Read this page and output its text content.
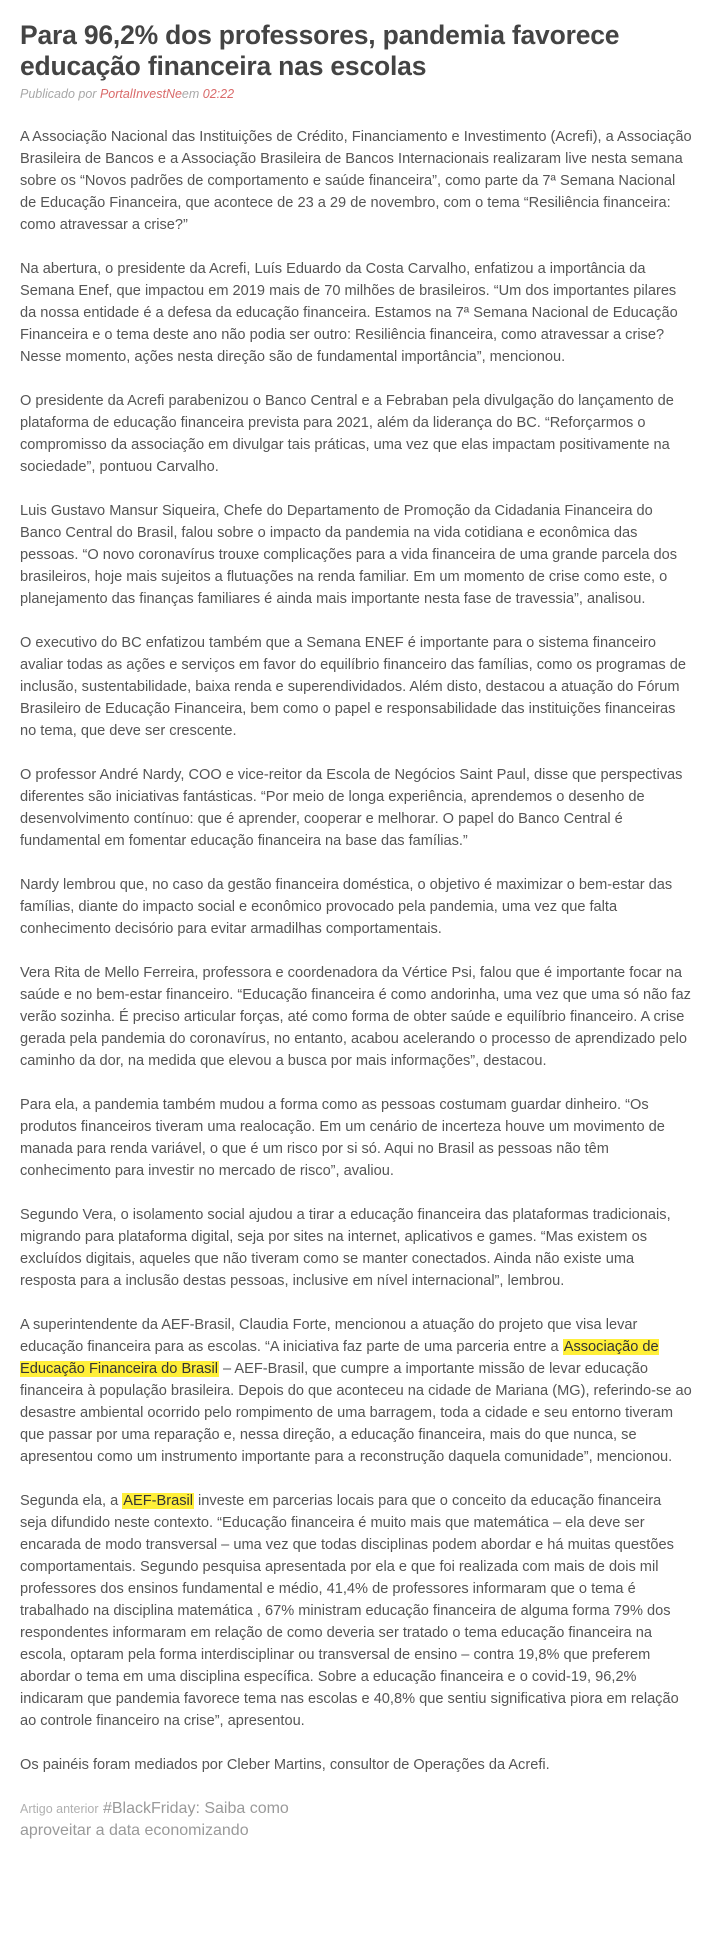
Para 96,2% dos professores, pandemia favorece educação financeira nas escolas
Publicado por PortalInvestNeem 02:22

A Associação Nacional das Instituições de Crédito, Financiamento e Investimento (Acrefi), a Associação Brasileira de Bancos e a Associação Brasileira de Bancos Internacionais realizaram live nesta semana sobre os “Novos padrões de comportamento e saúde financeira”, como parte da 7ª Semana Nacional de Educação Financeira, que acontece de 23 a 29 de novembro, com o tema “Resiliência financeira: como atravessar a crise?”

Na abertura, o presidente da Acrefi, Luís Eduardo da Costa Carvalho, enfatizou a importância da Semana Enef, que impactou em 2019 mais de 70 milhões de brasileiros. “Um dos importantes pilares da nossa entidade é a defesa da educação financeira. Estamos na 7ª Semana Nacional de Educação Financeira e o tema deste ano não podia ser outro: Resiliência financeira, como atravessar a crise? Nesse momento, ações nesta direção são de fundamental importância”, mencionou.

O presidente da Acrefi parabenizou o Banco Central e a Febraban pela divulgação do lançamento de plataforma de educação financeira prevista para 2021, além da liderança do BC. “Reforçarmos o compromisso da associação em divulgar tais práticas, uma vez que elas impactam positivamente na sociedade”, pontuou Carvalho.

Luis Gustavo Mansur Siqueira, Chefe do Departamento de Promoção da Cidadania Financeira do Banco Central do Brasil, falou sobre o impacto da pandemia na vida cotidiana e econômica das pessoas. “O novo coronavírus trouxe complicações para a vida financeira de uma grande parcela dos brasileiros, hoje mais sujeitos a flutuações na renda familiar. Em um momento de crise como este, o planejamento das finanças familiares é ainda mais importante nesta fase de travessia”, analisou.

O executivo do BC enfatizou também que a Semana ENEF é importante para o sistema financeiro avaliar todas as ações e serviços em favor do equilíbrio financeiro das famílias, como os programas de inclusão, sustentabilidade, baixa renda e superendividados. Além disto, destacou a atuação do Fórum Brasileiro de Educação Financeira, bem como o papel e responsabilidade das instituições financeiras no tema, que deve ser crescente.

O professor André Nardy, COO e vice-reitor da Escola de Negócios Saint Paul, disse que perspectivas diferentes são iniciativas fantásticas. “Por meio de longa experiência, aprendemos o desenho de desenvolvimento contínuo: que é aprender, cooperar e melhorar. O papel do Banco Central é fundamental em fomentar educação financeira na base das famílias.”

Nardy lembrou que, no caso da gestão financeira doméstica, o objetivo é maximizar o bem-estar das famílias, diante do impacto social e econômico provocado pela pandemia, uma vez que falta conhecimento decisório para evitar armadilhas comportamentais.

Vera Rita de Mello Ferreira, professora e coordenadora da Vértice Psi, falou que é importante focar na saúde e no bem-estar financeiro. “Educação financeira é como andorinha, uma vez que uma só não faz verão sozinha. É preciso articular forças, até como forma de obter saúde e equilíbrio financeiro. A crise gerada pela pandemia do coronavírus, no entanto, acabou acelerando o processo de aprendizado pelo caminho da dor, na medida que elevou a busca por mais informações”, destacou.

Para ela, a pandemia também mudou a forma como as pessoas costumam guardar dinheiro. “Os produtos financeiros tiveram uma realocação. Em um cenário de incerteza houve um movimento de manada para renda variável, o que é um risco por si só. Aqui no Brasil as pessoas não têm conhecimento para investir no mercado de risco”, avaliou.

Segundo Vera, o isolamento social ajudou a tirar a educação financeira das plataformas tradicionais, migrando para plataforma digital, seja por sites na internet, aplicativos e games. “Mas existem os excluídos digitais, aqueles que não tiveram como se manter conectados. Ainda não existe uma resposta para a inclusão destas pessoas, inclusive em nível internacional”, lembrou.

A superintendente da AEF-Brasil, Claudia Forte, mencionou a atuação do projeto que visa levar educação financeira para as escolas. “A iniciativa faz parte de uma parceria entre a Associação de Educação Financeira do Brasil – AEF-Brasil, que cumpre a importante missão de levar educação financeira à população brasileira. Depois do que aconteceu na cidade de Mariana (MG), referindo-se ao desastre ambiental ocorrido pelo rompimento de uma barragem, toda a cidade e seu entorno tiveram que passar por uma reparação e, nessa direção, a educação financeira, mais do que nunca, se apresentou como um instrumento importante para a reconstrução daquela comunidade”, mencionou.

Segunda ela, a AEF-Brasil investe em parcerias locais para que o conceito da educação financeira seja difundido neste contexto. “Educação financeira é muito mais que matemática – ela deve ser encarada de modo transversal – uma vez que todas disciplinas podem abordar e há muitas questões comportamentais. Segundo pesquisa apresentada por ela e que foi realizada com mais de dois mil professores dos ensinos fundamental e médio, 41,4% de professores informaram que o tema é trabalhado na disciplina matemática , 67% ministram educação financeira de alguma forma 79% dos respondentes informaram em relação de como deveria ser tratado o tema educação financeira na escola, optaram pela forma interdisciplinar ou transversal de ensino – contra 19,8% que preferem abordar o tema em uma disciplina específica. Sobre a educação financeira e o covid-19, 96,2% indicaram que pandemia favorece tema nas escolas e 40,8% que sentiu significativa piora em relação ao controle financeiro na crise”, apresentou.

Os painéis foram mediados por Cleber Martins, consultor de Operações da Acrefi.

Artigo anterior #BlackFriday: Saiba como aproveitar a data economizando
